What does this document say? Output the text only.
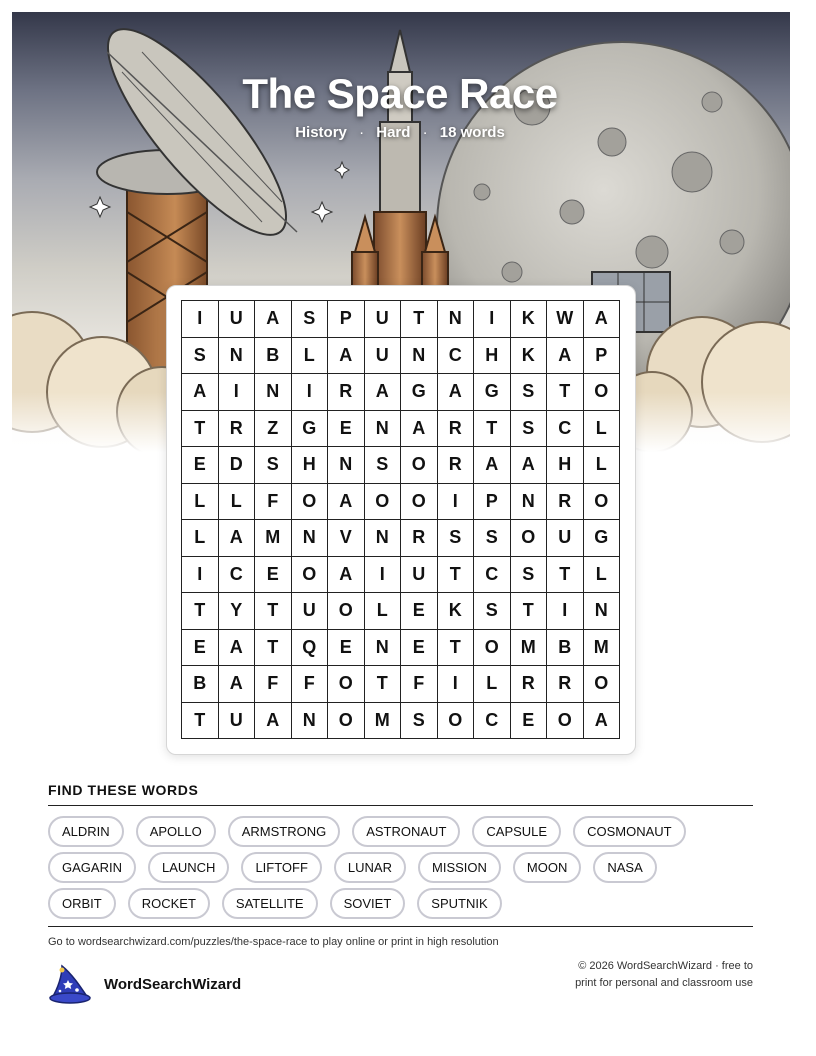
The Space Race
History · Hard · 18 words
I	U	A	S	P	U	T	N	I	K	W	A
S	N	B	L	A	U	N	C	H	K	A	P
A	I	N	I	R	A	G	A	G	S	T	O
T	R	Z	G	E	N	A	R	T	S	C	L
E	D	S	H	N	S	O	R	A	A	H	L
L	L	F	O	A	O	O	I	P	N	R	O
L	A	M	N	V	N	R	S	S	O	U	G
I	C	E	O	A	I	U	T	C	S	T	L
T	Y	T	U	O	L	E	K	S	T	I	N
E	A	T	Q	E	N	E	T	O	M	B	M
B	A	F	F	O	T	F	I	L	R	R	O
T	U	A	N	O	M	S	O	C	E	O	A
FIND THESE WORDS
ALDRIN	APOLLO	ARMSTRONG	ASTRONAUT	CAPSULE	COSMONAUT
GAGARIN	LAUNCH	LIFTOFF	LUNAR	MISSION	MOON	NASA
ORBIT	ROCKET	SATELLITE	SOVIET	SPUTNIK
Go to wordsearchwizard.com/puzzles/the-space-race to play online or print in high resolution
WordSearchWizard
© 2026 WordSearchWizard · free to print for personal and classroom use
